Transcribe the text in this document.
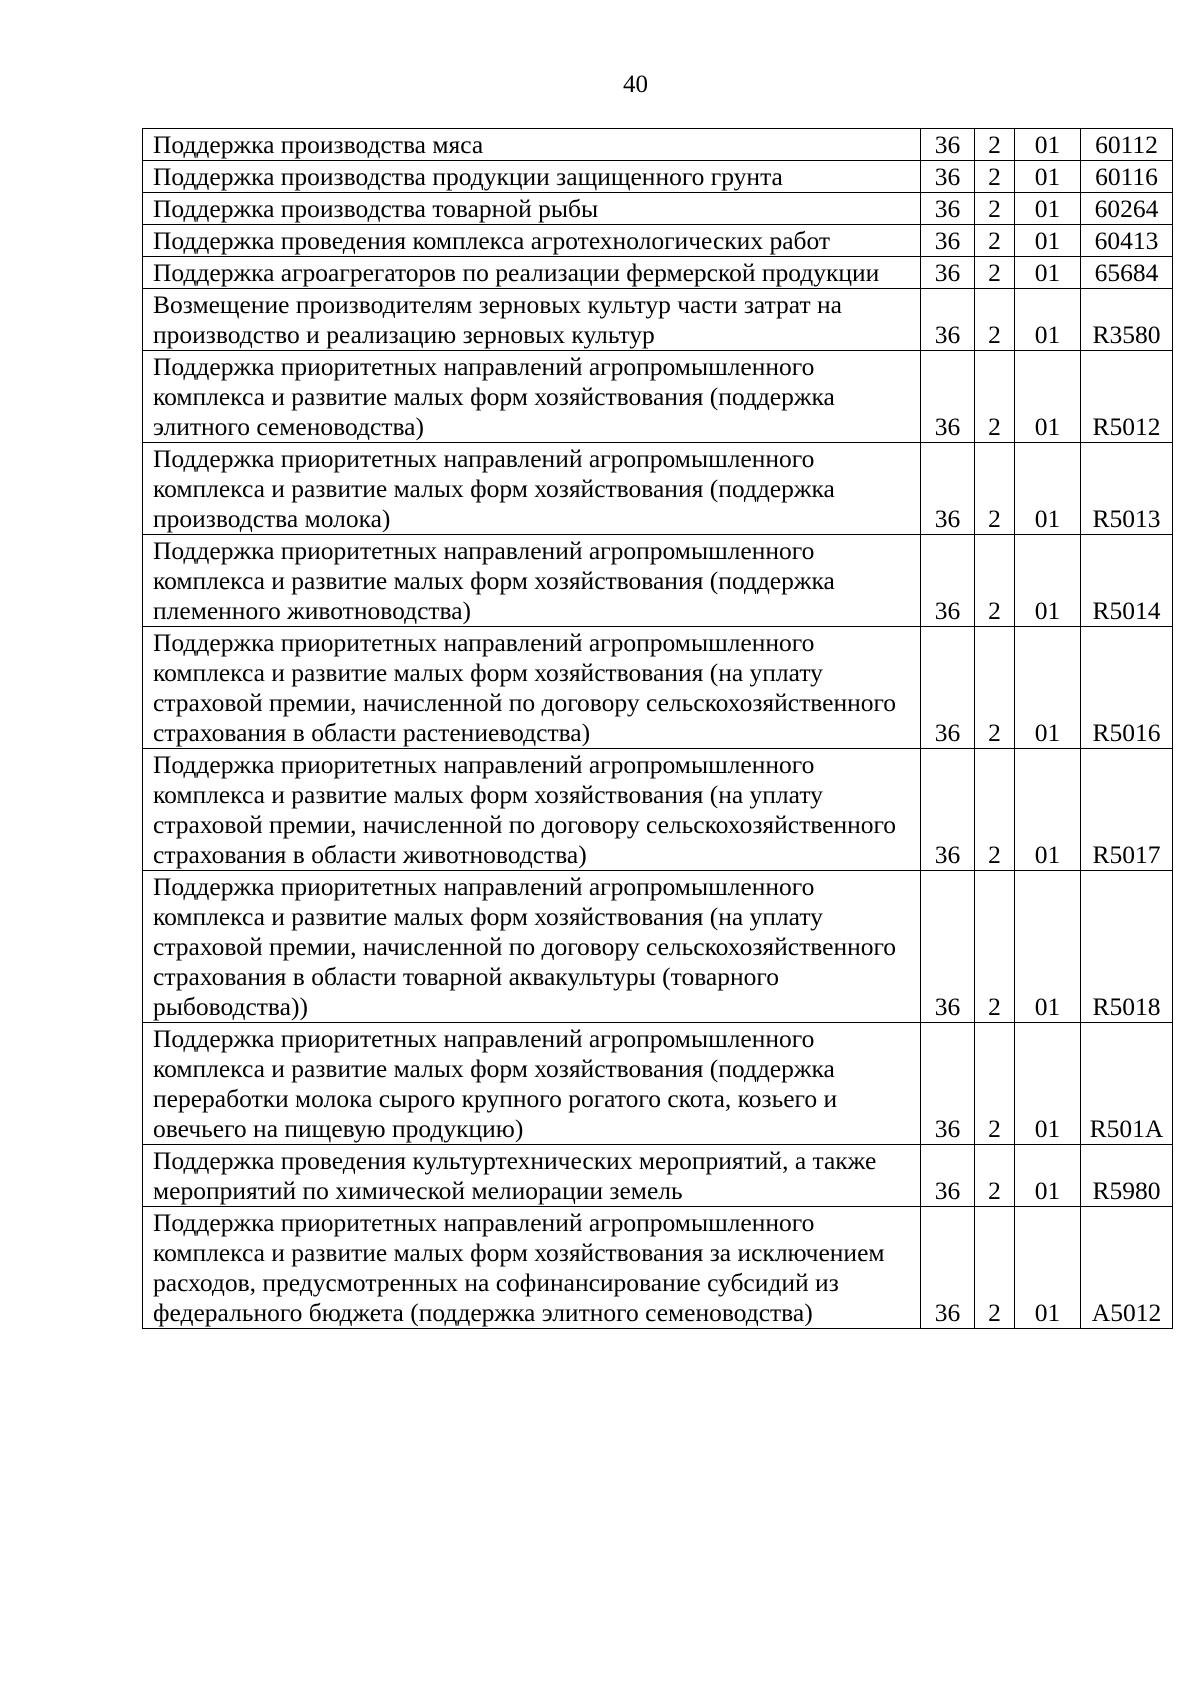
40
Поддержка производства мяса	36	2	01	60112
Поддержка производства продукции защищенного грунта	36	2	01	60116
Поддержка производства товарной рыбы	36	2	01	60264
Поддержка проведения комплекса агротехнологических работ	36	2	01	60413
Поддержка агроагрегаторов по реализации фермерской продукции	36	2	01	65684
Возмещение производителям зерновых культур части затрат на производство и реализацию зерновых культур	36	2	01	R3580
Поддержка приоритетных направлений агропромышленного комплекса и развитие малых форм хозяйствования (поддержка элитного семеноводства)	36	2	01	R5012
Поддержка приоритетных направлений агропромышленного комплекса и развитие малых форм хозяйствования (поддержка производства молока)	36	2	01	R5013
Поддержка приоритетных направлений агропромышленного комплекса и развитие малых форм хозяйствования (поддержка племенного животноводства)	36	2	01	R5014
Поддержка приоритетных направлений агропромышленного комплекса и развитие малых форм хозяйствования (на уплату страховой премии, начисленной по договору сельскохозяйственного страхования в области растениеводства)	36	2	01	R5016
Поддержка приоритетных направлений агропромышленного комплекса и развитие малых форм хозяйствования (на уплату страховой премии, начисленной по договору сельскохозяйственного страхования в области животноводства)	36	2	01	R5017
Поддержка приоритетных направлений агропромышленного комплекса и развитие малых форм хозяйствования (на уплату страховой премии, начисленной по договору сельскохозяйственного страхования в области товарной аквакультуры (товарного рыбоводства))	36	2	01	R5018
Поддержка приоритетных направлений агропромышленного комплекса и развитие малых форм хозяйствования (поддержка переработки молока сырого крупного рогатого скота, козьего и овечьего на пищевую продукцию)	36	2	01	R501A
Поддержка проведения культуртехнических мероприятий, а также мероприятий по химической мелиорации земель	36	2	01	R5980
Поддержка приоритетных направлений агропромышленного комплекса и развитие малых форм хозяйствования за исключением расходов, предусмотренных на софинансирование субсидий из федерального бюджета (поддержка элитного семеноводства)	36	2	01	A5012
